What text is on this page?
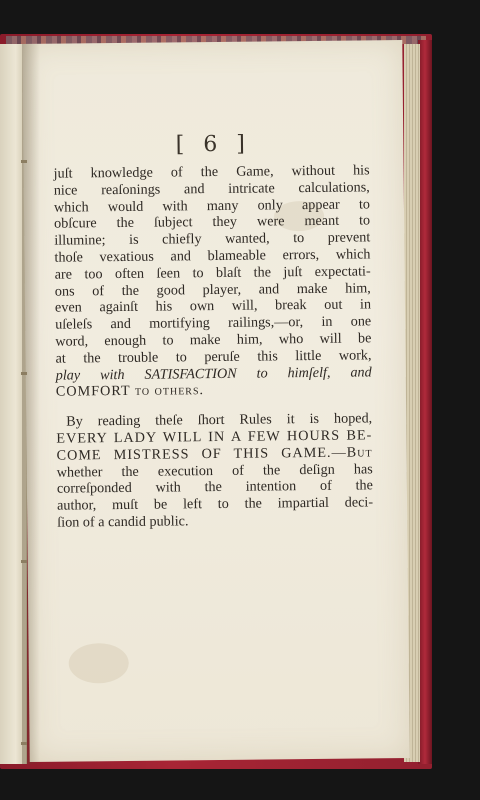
[ 6 ]
juſt knowledge of the Game, without his
nice reaſonings and intricate calculations,
which would with many only appear to
obſcure the ſubject they were meant to
illumine; is chiefly wanted, to prevent
thoſe vexatious and blameable errors, which
are too often ſeen to blaſt the juſt expectati-
ons of the good player, and make him,
even againſt his own will, break out in
uſeleſs and mortifying railings,—or, in one
word, enough to make him, who will be
at the trouble to peruſe this little work,
play with SATISFACTION to himſelf, and
COMFORT to others.
By reading theſe ſhort Rules it is hoped,
EVERY LADY WILL IN A FEW HOURS BE-
COME MISTRESS OF THIS GAME.—But
whether the execution of the deſign has
correſponded with the intention of the
author, muſt be left to the impartial deci-
ſion of a candid public.
